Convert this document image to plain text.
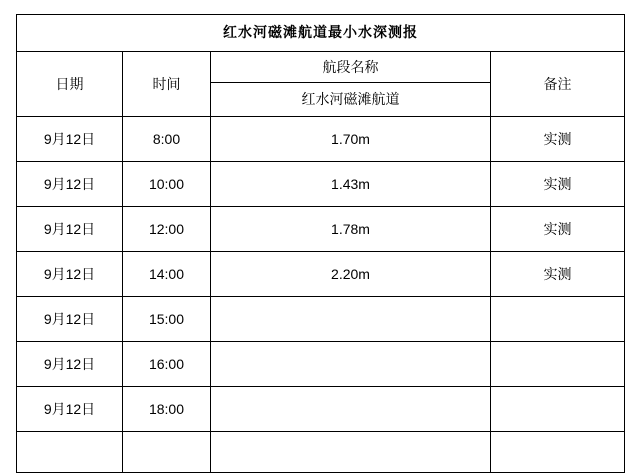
红水河磁滩航道最小水深测报			
日期	时间	航段名称	备注
		红水河磁滩航道	
9月12日	8:00	1.70m	实测
9月12日	10:00	1.43m	实测
9月12日	12:00	1.78m	实测
9月12日	14:00	2.20m	实测
9月12日	15:00		
9月12日	16:00		
9月12日	18:00		
